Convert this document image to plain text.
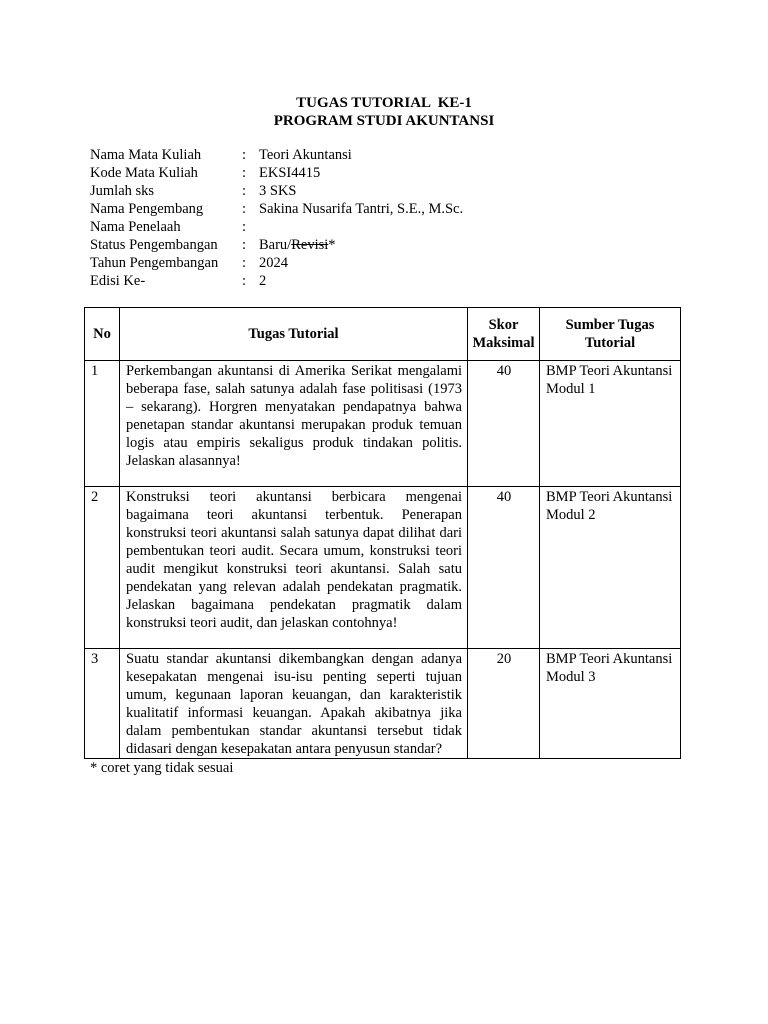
TUGAS TUTORIAL  KE-1
PROGRAM STUDI AKUNTANSI
Nama Mata Kuliah	:	Teori Akuntansi
Kode Mata Kuliah	:	EKSI4415
Jumlah sks	:	3 SKS
Nama Pengembang	:	Sakina Nusarifa Tantri, S.E., M.Sc.
Nama Penelaah	:	
Status Pengembangan	:	Baru/Revisi*
Tahun Pengembangan	:	2024
Edisi Ke-	:	2
No	Tugas Tutorial	Skor Maksimal	Sumber Tugas Tutorial
1	Perkembangan akuntansi di Amerika Serikat mengalami beberapa fase, salah satunya adalah fase politisasi (1973 – sekarang). Horgren menyatakan pendapatnya bahwa penetapan standar akuntansi merupakan produk temuan logis atau empiris sekaligus produk tindakan politis. Jelaskan alasannya!	40	BMP Teori Akuntansi Modul 1
2	Konstruksi teori akuntansi berbicara mengenai bagaimana teori akuntansi terbentuk. Penerapan konstruksi teori akuntansi salah satunya dapat dilihat dari pembentukan teori audit. Secara umum, konstruksi teori audit mengikut konstruksi teori akuntansi. Salah satu pendekatan yang relevan adalah pendekatan pragmatik. Jelaskan bagaimana pendekatan pragmatik dalam konstruksi teori audit, dan jelaskan contohnya!	40	BMP Teori Akuntansi Modul 2
3	Suatu standar akuntansi dikembangkan dengan adanya kesepakatan mengenai isu-isu penting seperti tujuan umum, kegunaan laporan keuangan, dan karakteristik kualitatif informasi keuangan. Apakah akibatnya jika dalam pembentukan standar akuntansi tersebut tidak didasari dengan kesepakatan antara penyusun standar?	20	BMP Teori Akuntansi Modul 3
* coret yang tidak sesuai
